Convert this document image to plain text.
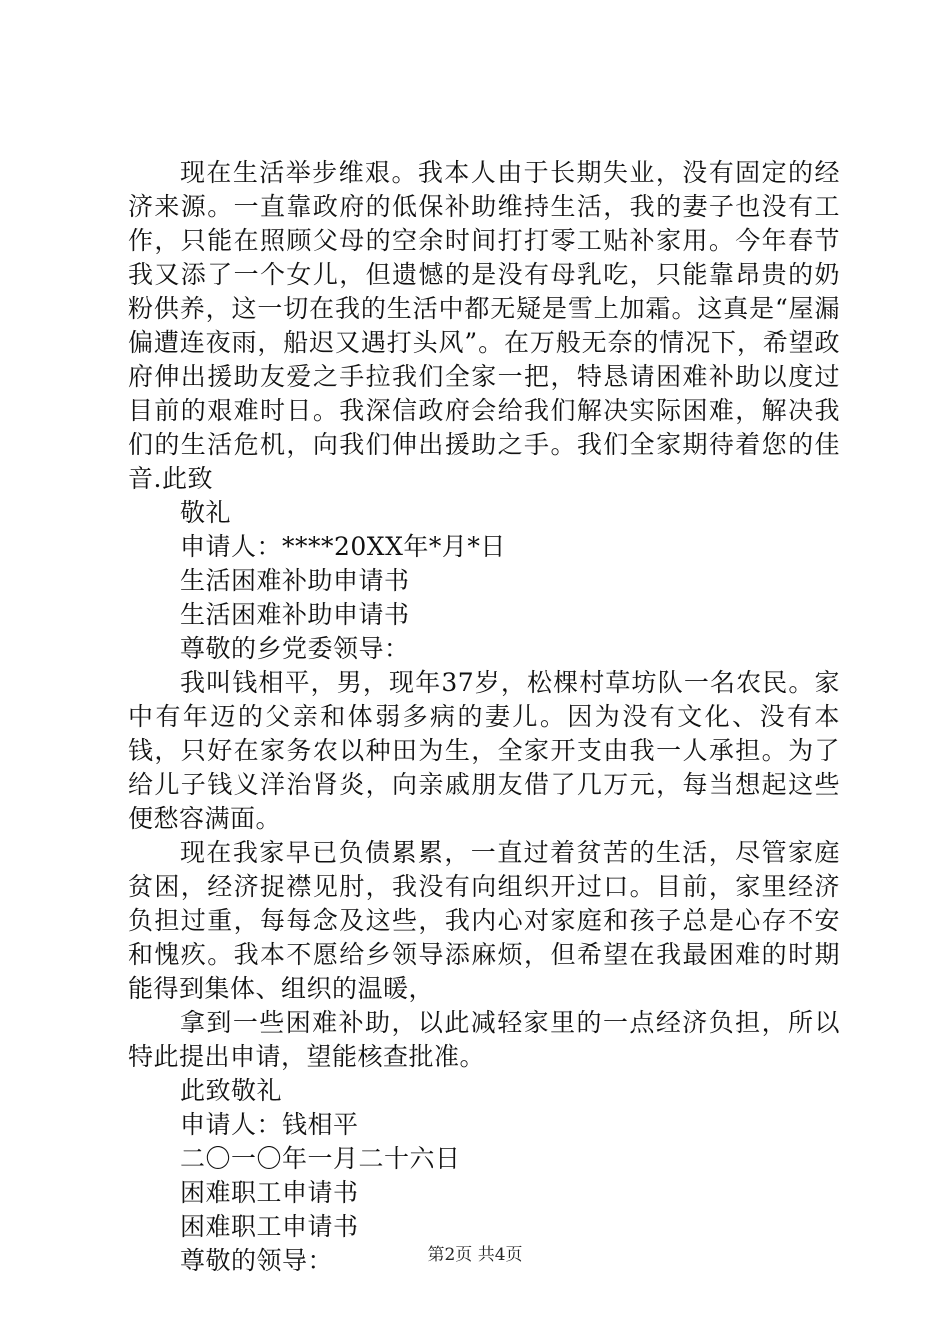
现在生活举步维艰。我本人由于长期失业，没有固定的经济来源。一直靠政府的低保补助维持生活，我的妻子也没有工作，只能在照顾父母的空余时间打打零工贴补家用。今年春节我又添了一个女儿，但遗憾的是没有母乳吃，只能靠昂贵的奶粉供养，这一切在我的生活中都无疑是雪上加霜。这真是“屋漏偏遭连夜雨，船迟又遇打头风”。在万般无奈的情况下，希望政府伸出援助友爱之手拉我们全家一把，特恳请困难补助以度过目前的艰难时日。我深信政府会给我们解决实际困难，解决我们的生活危机，向我们伸出援助之手。我们全家期待着您的佳音.此致

敬礼

申请人：****20XX年*月*日

生活困难补助申请书

生活困难补助申请书

尊敬的乡党委领导：

我叫钱相平，男，现年37岁，松棵村草坊队一名农民。家中有年迈的父亲和体弱多病的妻儿。因为没有文化、没有本钱，只好在家务农以种田为生，全家开支由我一人承担。为了给儿子钱义洋治肾炎，向亲戚朋友借了几万元，每当想起这些便愁容满面。

现在我家早已负债累累，一直过着贫苦的生活，尽管家庭贫困，经济捉襟见肘，我没有向组织开过口。目前，家里经济负担过重，每每念及这些，我内心对家庭和孩子总是心存不安和愧疚。我本不愿给乡领导添麻烦，但希望在我最困难的时期能得到集体、组织的温暖，

拿到一些困难补助，以此减轻家里的一点经济负担，所以特此提出申请，望能核查批准。

此致敬礼

申请人：钱相平

二〇一〇年一月二十六日

困难职工申请书

困难职工申请书

尊敬的领导：	第2页 共4页
